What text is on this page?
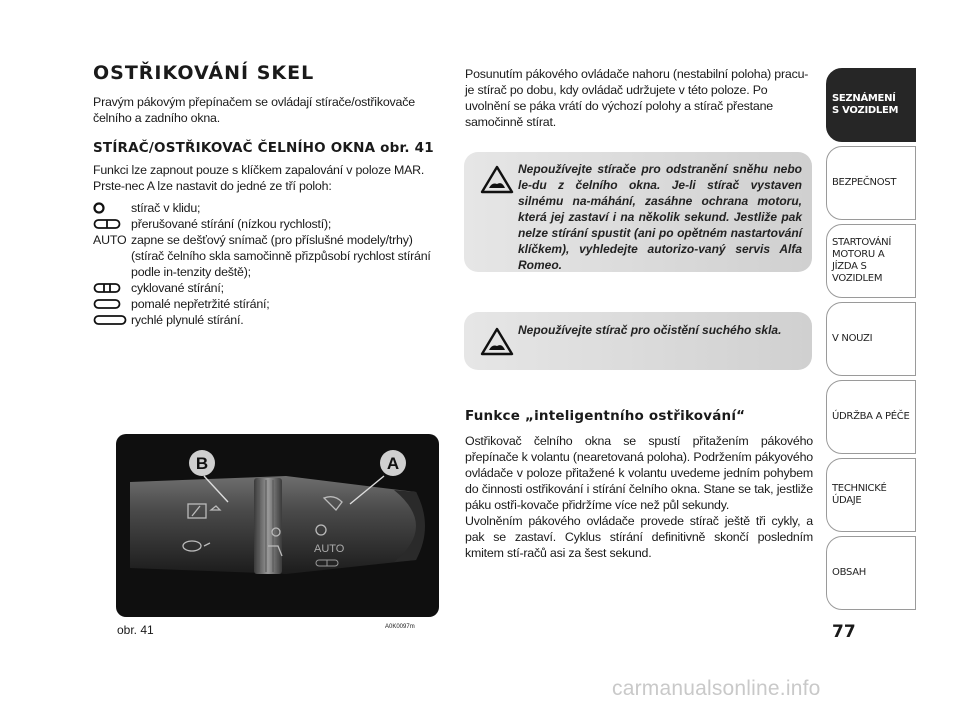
OSTŘIKOVÁNÍ SKEL

Pravým pákovým přepínačem se ovládají stírače/ostřikovače čelního a zadního okna.

STÍRAČ/OSTŘIKOVAČ ČELNÍHO OKNA obr. 41

Funkci lze zapnout pouze s klíčkem zapalování v poloze MAR. Prste-nec A lze nastavit do jedné ze tří poloh:

stírač v klidu;
přerušované stírání (nízkou rychlostí);
AUTO zapne se dešťový snímač (pro příslušné modely/trhy) (stírač čelního skla samočinně přizpůsobí rychlost stírání podle in-tenzity deště);
cyklované stírání;
pomalé nepřetržité stírání;
rychlé plynulé stírání.

Posunutím pákového ovládače nahoru (nestabilní poloha) pracu-je stírač po dobu, kdy ovládač udržujete v této poloze. Po uvolnění se páka vrátí do výchozí polohy a stírač přestane samočinně stírat.

Nepoužívejte stírače pro odstranění sněhu nebo le-du z čelního okna. Je-li stírač vystaven silnému na-máhání, zasáhne ochrana motoru, která jej zastaví i na několik sekund. Jestliže pak nelze stírání spustit (ani po opětném nastartování klíčkem), vyhledejte autorizo-vaný servis Alfa Romeo.
Nepoužívejte stírač pro očistění suchého skla.
Funkce „inteligentního ostřikování“

Ostřikovač čelního okna se spustí přitažením pákového přepínače k volantu (nearetovaná poloha). Podržením pákyového ovládače v poloze přitažené k volantu uvedeme jedním pohybem do činnosti ostřikování i stírání čelního okna. Stane se tak, jestliže páku ostři-kovače přidržíme více než půl sekundy.

Uvolněním pákového ovládače provede stírač ještě tři cykly, a pak se zastaví. Cyklus stírání definitivně skončí posledním kmitem stí-račů asi za šest sekund.

AUTO
B	A
obr. 41	A0K0097m
SEZNÁMENÍ S VOZIDLEM
BEZPEČNOST
STARTOVÁNÍ MOTORU A JÍZDA S VOZIDLEM
V NOUZI
ÚDRŽBA A PÉČE
TECHNICKÉ ÚDAJE
OBSAH
77
carmanualsonline.info
